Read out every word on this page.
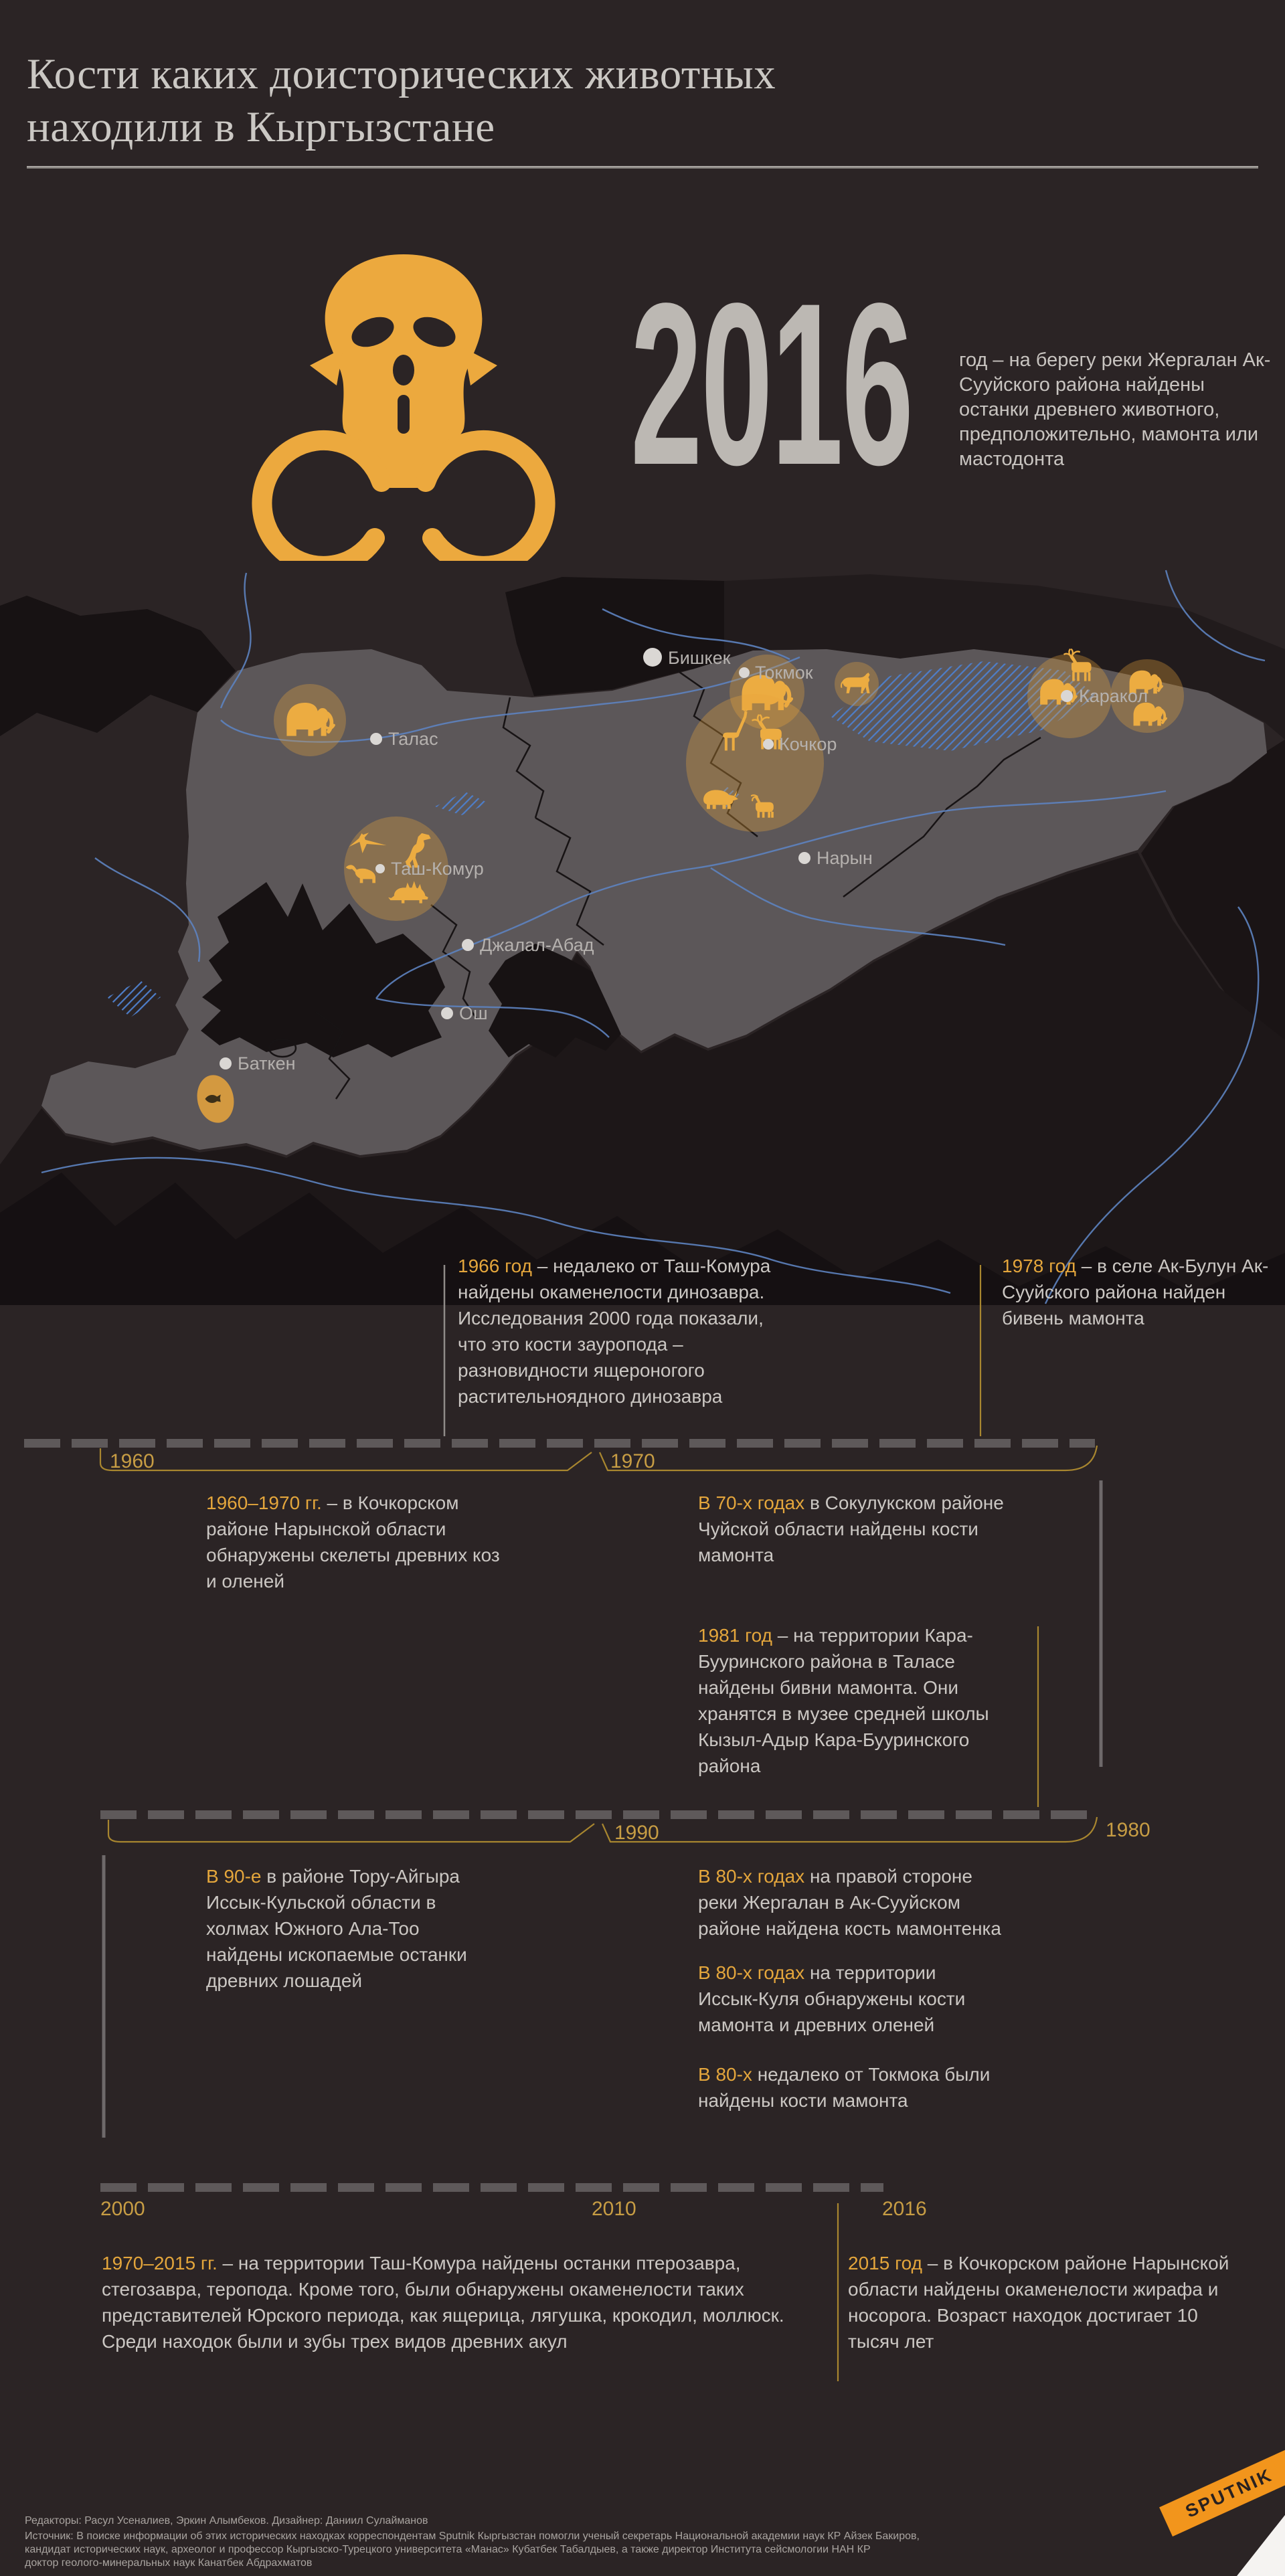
Кости каких доисторических животных находили в Кыргызстане
2016 год – на берегу реки Жергалан Ак-Сууйского района найдены останки древнего животного, предположительно, мамонта или мастодонта
Бишкек
Токмок
Талас	Кочкор
Каракол
Нарын
Таш-Комур
Джалал-Абад
Ош
Баткен
1960	1970
1990	1980
2000	2010	2016
1966 год – недалеко от Таш-Комура найдены окаменелости динозавра. Исследования 2000 года показали, что это кости зауропода – разновидности ящероногого растительноядного динозавра
1978 год – в селе Ак-Булун Ак-Сууйского района найден бивень мамонта
1960–1970 гг. – в Кочкорском районе Нарынской области обнаружены скелеты древних коз и оленей
В 70-х годах в Сокулукском районе Чуйской области найдены кости мамонта
1981 год – на территории Кара-Бууринского района в Таласе найдены бивни мамонта. Они хранятся в музее средней школы Кызыл-Адыр Кара-Бууринского района
В 90-е в районе Тору-Айгыра Иссык-Кульской области в холмах Южного Ала-Тоо найдены ископаемые останки древних лошадей
В 80-х годах на правой стороне реки Жергалан в Ак-Сууйском районе найдена кость мамонтенка
В 80-х годах на территории Иссык-Куля обнаружены кости мамонта и древних оленей
В 80-х недалеко от Токмока были найдены кости мамонта
1970–2015 гг. – на территории Таш-Комура найдены останки птерозавра, стегозавра, теропода. Кроме того, были обнаружены окаменелости таких представителей Юрского периода, как ящерица, лягушка, крокодил, моллюск. Среди находок были и зубы трех видов древних акул
2015 год – в Кочкорском районе Нарынской области найдены окаменелости жирафа и носорога. Возраст находок достигает 10 тысяч лет
Редакторы: Расул Усеналиев, Эркин Алымбеков. Дизайнер: Даниил Сулайманов
Источник: В поиске информации об этих исторических находках корреспондентам Sputnik Кыргызстан помогли ученый секретарь Национальной академии наук КР Айзек Бакиров,
кандидат исторических наук, археолог и профессор Кыргызско-Турецкого университета «Манас» Кубатбек Табалдыев, а также директор Института сейсмологии НАН КР
доктор геолого-минеральных наук Канатбек Абдрахматов
SPUTNIK
